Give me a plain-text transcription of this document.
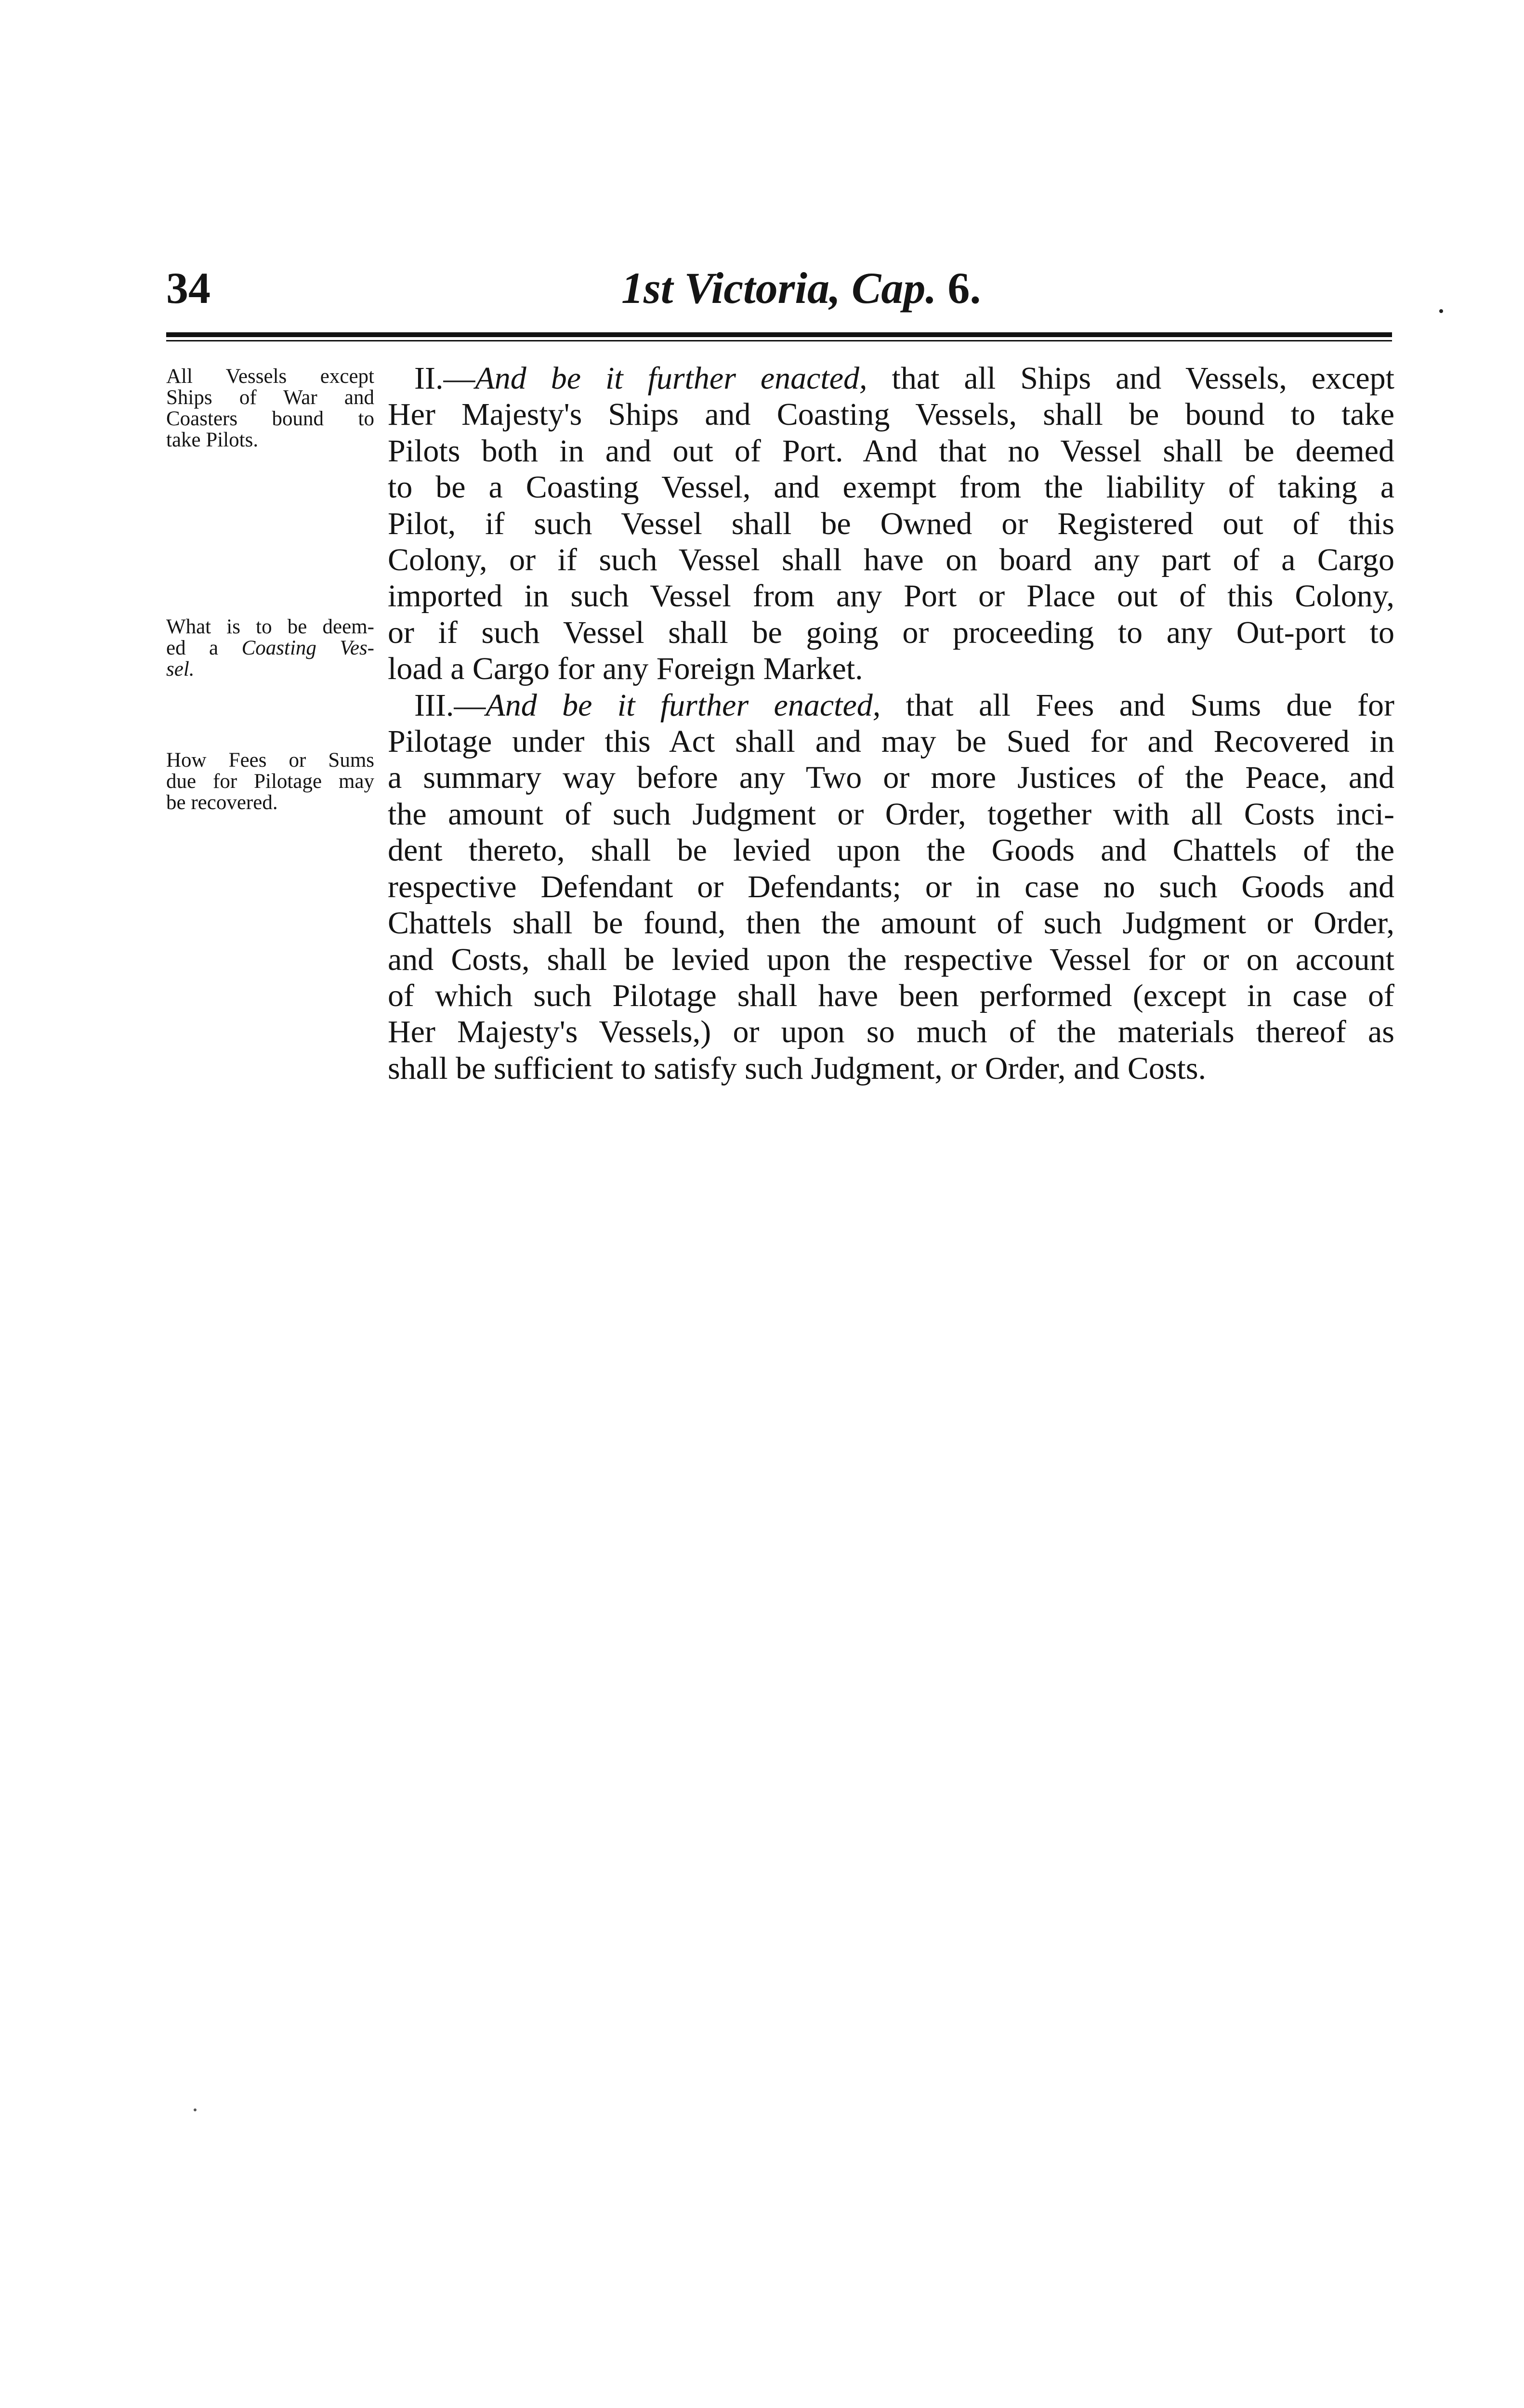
34	1st Victoria, Cap. 6.
All Vessels except
Ships of War and
Coasters bound to
take Pilots.
What is to be deem-
ed a Coasting Ves-
sel.
How Fees or Sums
due for Pilotage may
be recovered.
II.—And be it further enacted, that all Ships and Vessels, except
Her Majesty's Ships and Coasting Vessels, shall be bound to take
Pilots both in and out of Port. And that no Vessel shall be deemed
to be a Coasting Vessel, and exempt from the liability of taking a
Pilot, if such Vessel shall be Owned or Registered out of this
Colony, or if such Vessel shall have on board any part of a Cargo
imported in such Vessel from any Port or Place out of this Colony,
or if such Vessel shall be going or proceeding to any Out-port to
load a Cargo for any Foreign Market.
III.—And be it further enacted, that all Fees and Sums due for
Pilotage under this Act shall and may be Sued for and Recovered in
a summary way before any Two or more Justices of the Peace, and
the amount of such Judgment or Order, together with all Costs inci-
dent thereto, shall be levied upon the Goods and Chattels of the
respective Defendant or Defendants; or in case no such Goods and
Chattels shall be found, then the amount of such Judgment or Order,
and Costs, shall be levied upon the respective Vessel for or on account
of which such Pilotage shall have been performed (except in case of
Her Majesty's Vessels,) or upon so much of the materials thereof as
shall be sufficient to satisfy such Judgment, or Order, and Costs.
